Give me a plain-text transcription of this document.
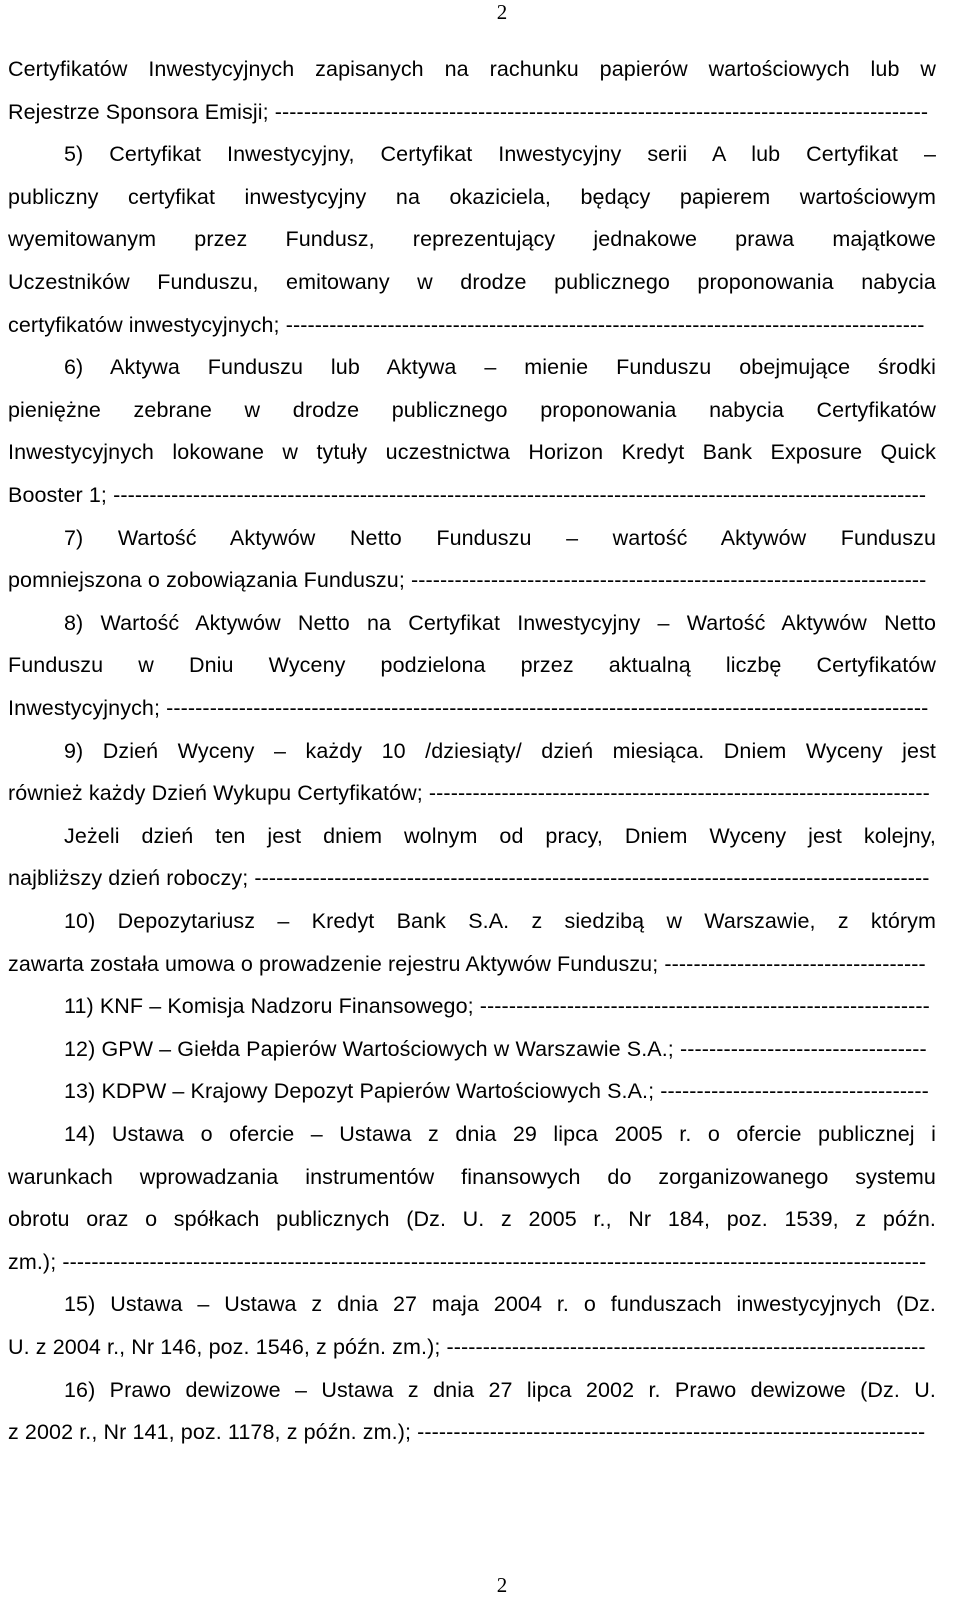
2
Certyfikatów Inwestycyjnych zapisanych na rachunku papierów wartościowych lub w
Rejestrze Sponsora Emisji; ------------------------------------------------------------------------------------------
5) Certyfikat Inwestycyjny, Certyfikat Inwestycyjny serii A lub Certyfikat –
publiczny certyfikat inwestycyjny na okaziciela, będący papierem wartościowym
wyemitowanym przez Fundusz, reprezentujący jednakowe prawa majątkowe
Uczestników Funduszu, emitowany w drodze publicznego proponowania nabycia
certyfikatów inwestycyjnych; ----------------------------------------------------------------------------------------
6) Aktywa Funduszu lub Aktywa – mienie Funduszu obejmujące środki
pieniężne zebrane w drodze publicznego proponowania nabycia Certyfikatów
Inwestycyjnych lokowane w tytuły uczestnictwa Horizon Kredyt Bank Exposure Quick
Booster 1; ----------------------------------------------------------------------------------------------------------------
7) Wartość Aktywów Netto Funduszu – wartość Aktywów Funduszu
pomniejszona o zobowiązania Funduszu; -----------------------------------------------------------------------
8) Wartość Aktywów Netto na Certyfikat Inwestycyjny – Wartość Aktywów Netto
Funduszu w Dniu Wyceny podzielona przez aktualną liczbę Certyfikatów
Inwestycyjnych; ---------------------------------------------------------------------------------------------------------
9) Dzień Wyceny – każdy 10 /dziesiąty/ dzień miesiąca. Dniem Wyceny jest
również każdy Dzień Wykupu Certyfikatów; ---------------------------------------------------------------------
Jeżeli dzień ten jest dniem wolnym od pracy, Dniem Wyceny jest kolejny,
najbliższy dzień roboczy; ---------------------------------------------------------------------------------------------
10) Depozytariusz – Kredyt Bank S.A. z siedzibą w Warszawie, z którym
zawarta została umowa o prowadzenie rejestru Aktywów Funduszu; ------------------------------------
11) KNF – Komisja Nadzoru Finansowego; --------------------------------------------------------------
12) GPW – Giełda Papierów Wartościowych w Warszawie S.A.; ----------------------------------
13) KDPW – Krajowy Depozyt Papierów Wartościowych S.A.; -------------------------------------
14) Ustawa o ofercie – Ustawa z dnia 29 lipca 2005 r. o ofercie publicznej i
warunkach wprowadzania instrumentów finansowych do zorganizowanego systemu
obrotu oraz o spółkach publicznych (Dz. U. z 2005 r., Nr 184, poz. 1539, z późn.
zm.); -----------------------------------------------------------------------------------------------------------------------
15) Ustawa – Ustawa z dnia 27 maja 2004 r. o funduszach inwestycyjnych (Dz.
U. z 2004 r., Nr 146, poz. 1546, z późn. zm.); ------------------------------------------------------------------
16) Prawo dewizowe – Ustawa z dnia 27 lipca 2002 r. Prawo dewizowe (Dz. U.
z 2002 r., Nr 141, poz. 1178, z późn. zm.); ----------------------------------------------------------------------
2
